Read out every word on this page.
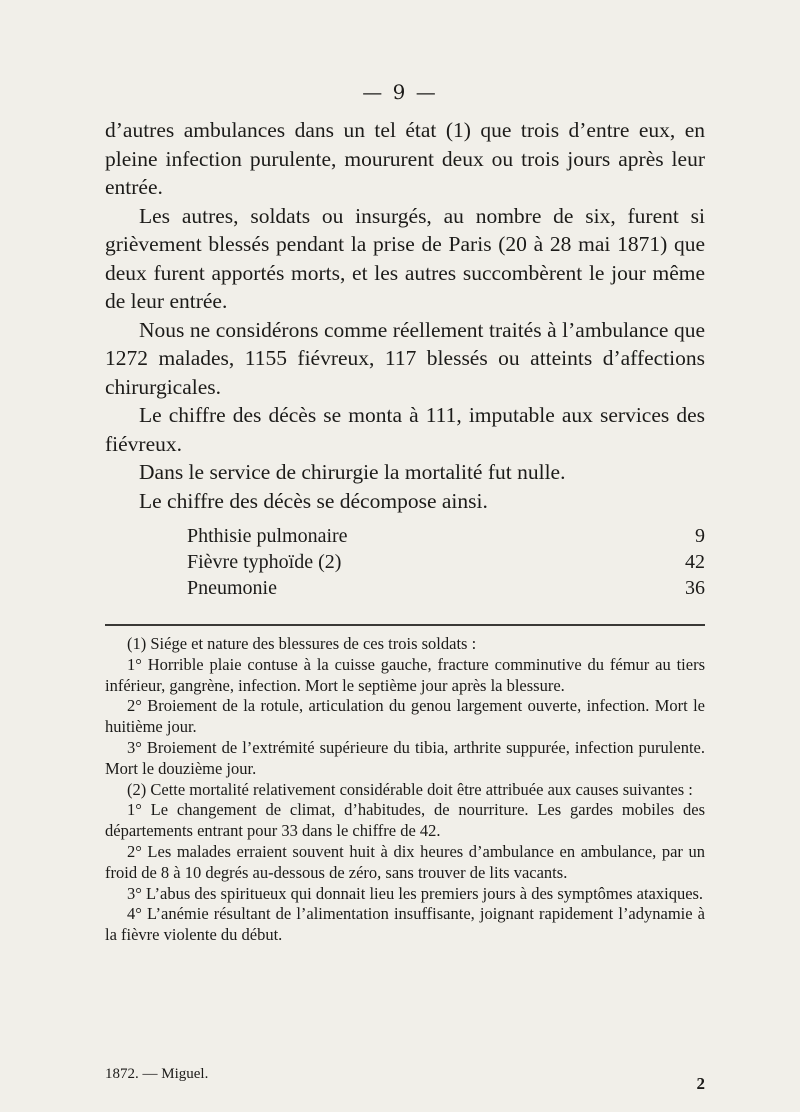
— 9 —

d’autres ambulances dans un tel état (1) que trois d’entre eux, en pleine infection purulente, moururent deux ou trois jours après leur entrée.

Les autres, soldats ou insurgés, au nombre de six, furent si grièvement blessés pendant la prise de Paris (20 à 28 mai 1871) que deux furent apportés morts, et les autres succombèrent le jour même de leur entrée.

Nous ne considérons comme réellement traités à l’ambulance que 1272 malades, 1155 fiévreux, 117 blessés ou atteints d’affections chirurgicales.

Le chiffre des décès se monta à 111, imputable aux services des fiévreux.

Dans le service de chirurgie la mortalité fut nulle.

Le chiffre des décès se décompose ainsi.

Phthisie pulmonaire	9
Fièvre typhoïde (2)	42
Pneumonie	36

(1) Siége et nature des blessures de ces trois soldats :

1° Horrible plaie contuse à la cuisse gauche, fracture comminutive du fémur au tiers inférieur, gangrène, infection. Mort le septième jour après la blessure.

2° Broiement de la rotule, articulation du genou largement ouverte, infection. Mort le huitième jour.

3° Broiement de l’extrémité supérieure du tibia, arthrite suppurée, infection purulente. Mort le douzième jour.

(2) Cette mortalité relativement considérable doit être attribuée aux causes suivantes :

1° Le changement de climat, d’habitudes, de nourriture. Les gardes mobiles des départements entrant pour 33 dans le chiffre de 42.

2° Les malades erraient souvent huit à dix heures d’ambulance en ambulance, par un froid de 8 à 10 degrés au-dessous de zéro, sans trouver de lits vacants.

3° L’abus des spiritueux qui donnait lieu les premiers jours à des symptômes ataxiques.

4° L’anémie résultant de l’alimentation insuffisante, joignant rapidement l’adynamie à la fièvre violente du début.

1872. — Miguel.	2
